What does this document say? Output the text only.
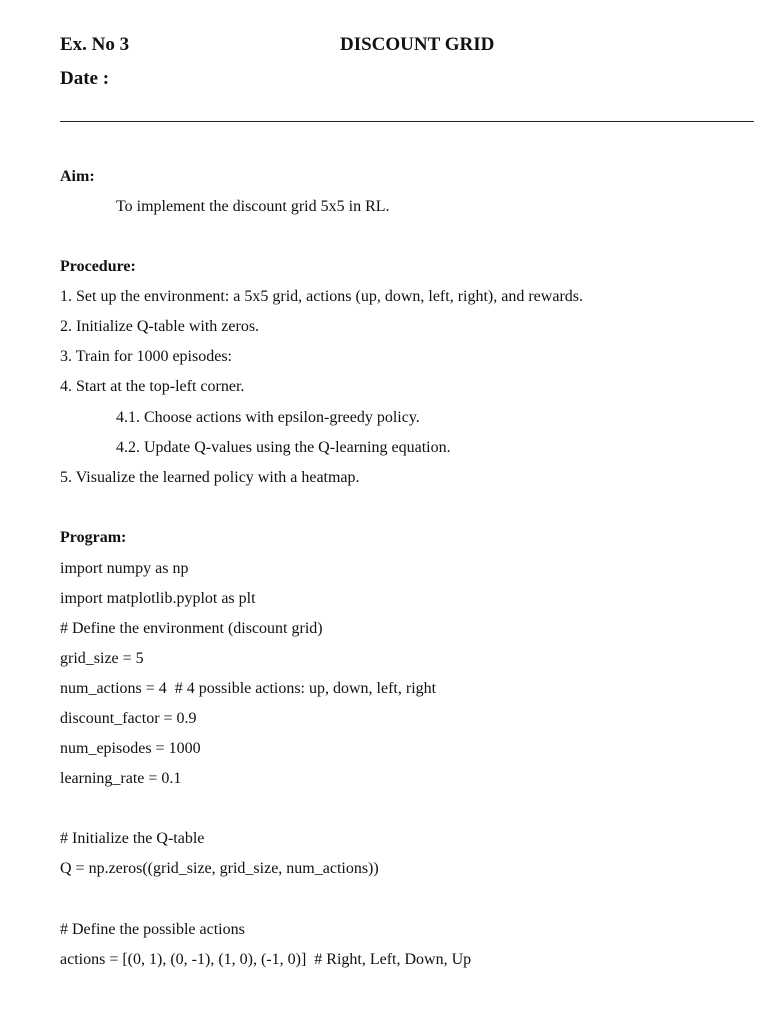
Ex. No 3	DISCOUNT GRID
Date :
Aim:
To implement the discount grid 5x5 in RL.
Procedure:
1. Set up the environment: a 5x5 grid, actions (up, down, left, right), and rewards.
2. Initialize Q-table with zeros.
3. Train for 1000 episodes:
4. Start at the top-left corner.
4.1. Choose actions with epsilon-greedy policy.
4.2. Update Q-values using the Q-learning equation.
5. Visualize the learned policy with a heatmap.
Program:
import numpy as np
import matplotlib.pyplot as plt
# Define the environment (discount grid)
grid_size = 5
num_actions = 4  # 4 possible actions: up, down, left, right
discount_factor = 0.9
num_episodes = 1000
learning_rate = 0.1
# Initialize the Q-table
Q = np.zeros((grid_size, grid_size, num_actions))
# Define the possible actions
actions = [(0, 1), (0, -1), (1, 0), (-1, 0)]  # Right, Left, Down, Up
